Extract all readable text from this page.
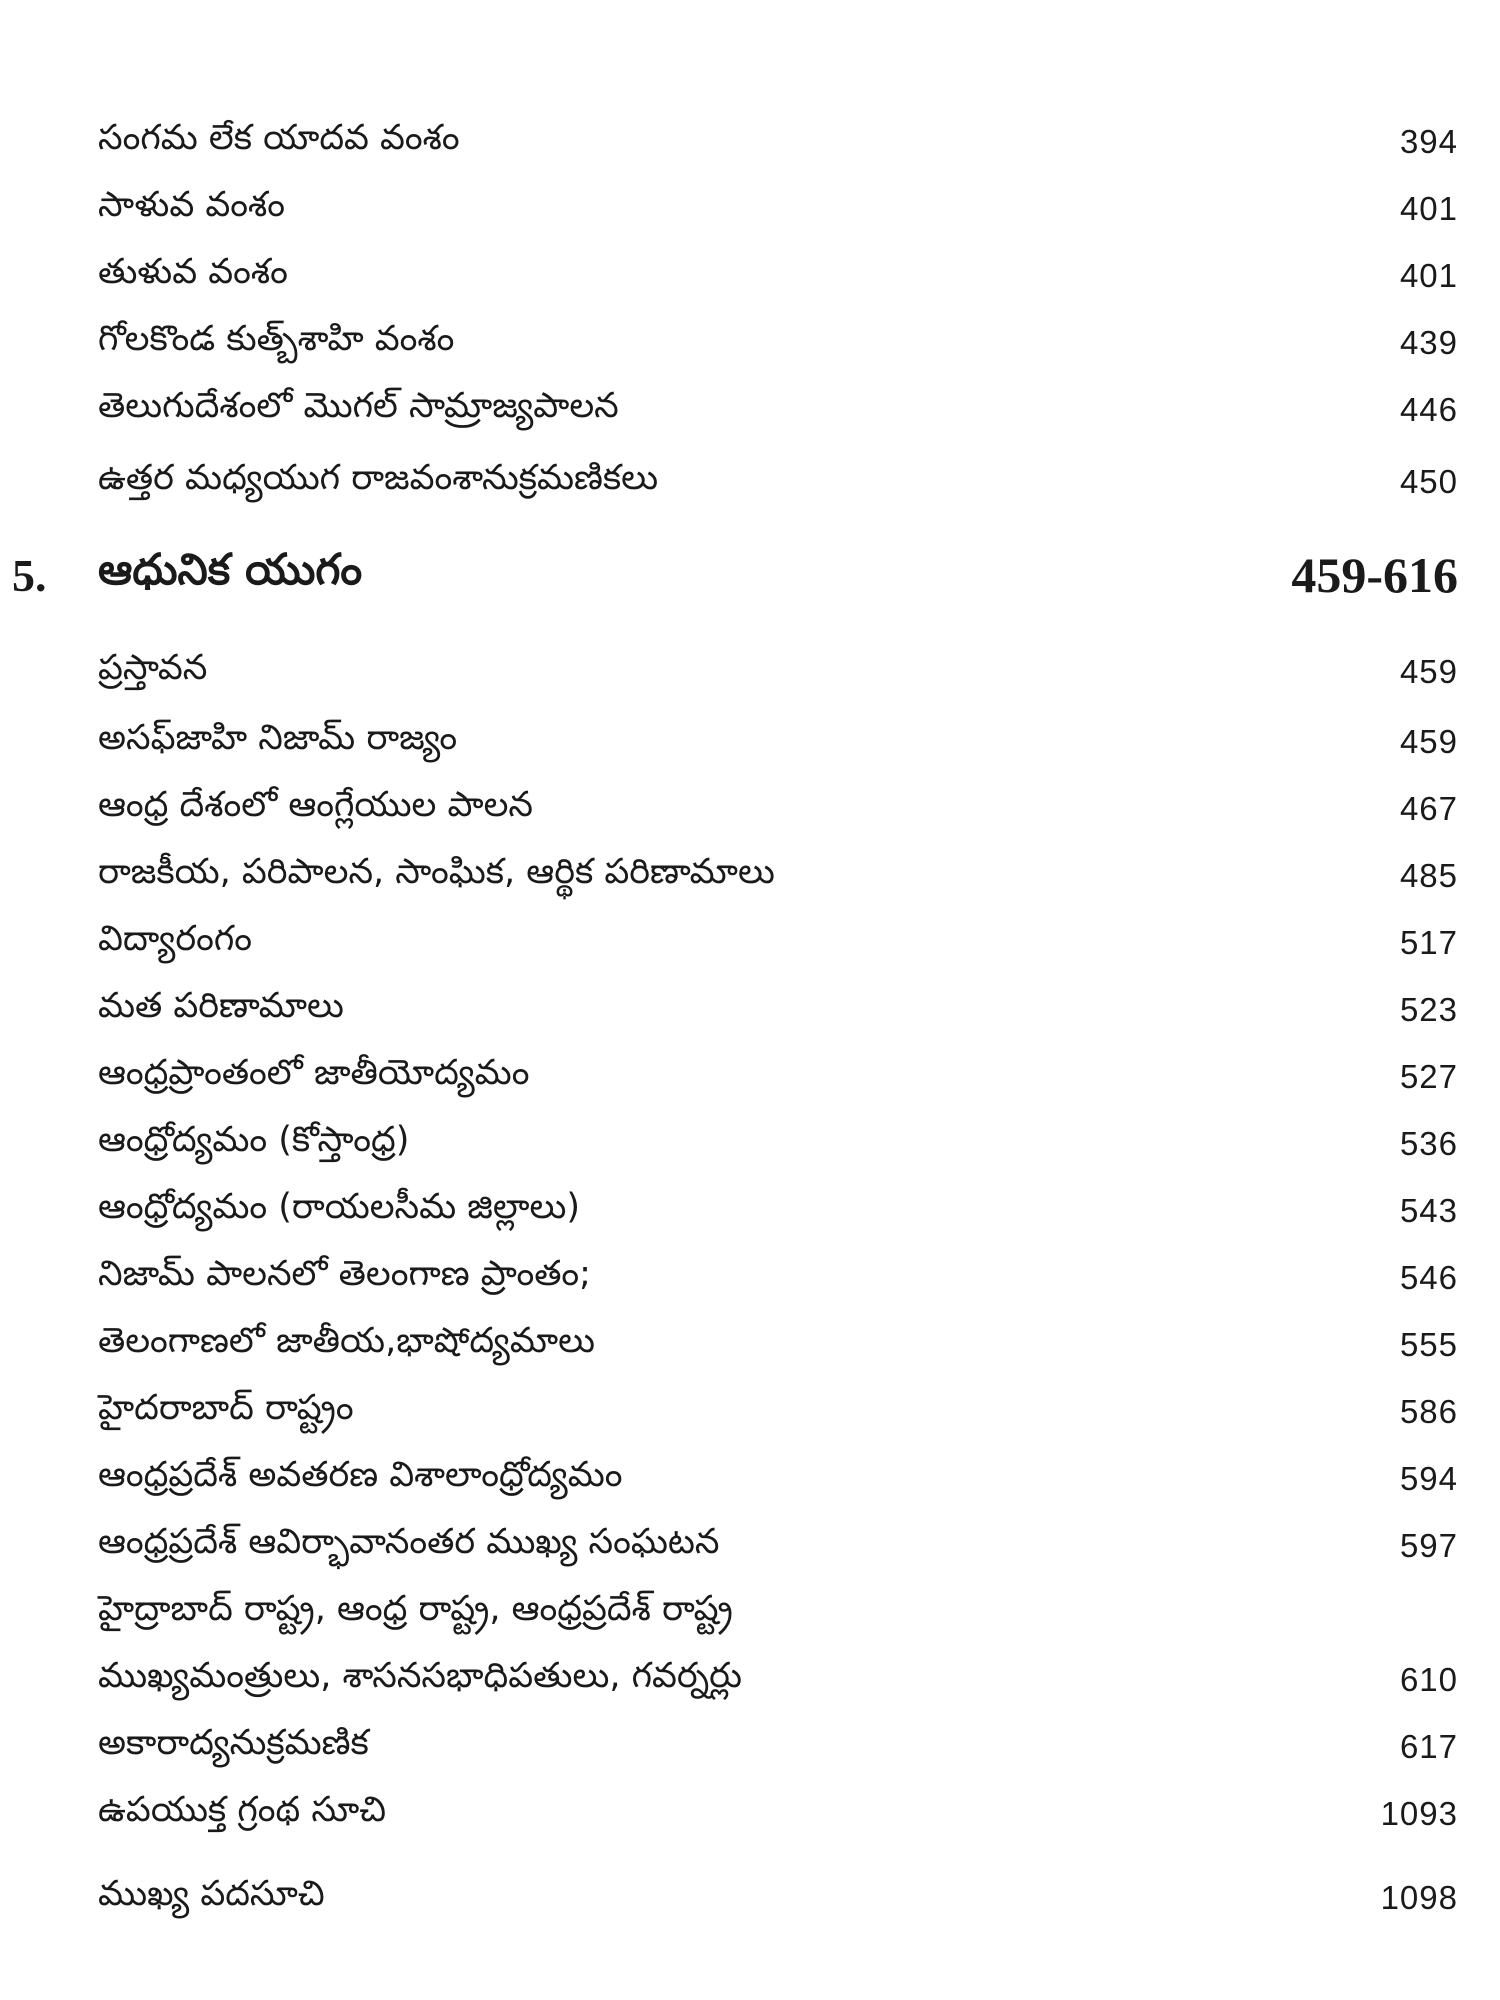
సంగమ లేక యాదవ వంశం	394
సాళువ వంశం	401
తుళువ వంశం	401
గోలకొండ కుత్బ్‌శాహి వంశం	439
తెలుగుదేశంలో మొగల్ సామ్రాజ్యపాలన	446
ఉత్తర మధ్యయుగ రాజవంశానుక్రమణికలు	450
5.	ఆధునిక యుగం	459-616
ప్రస్తావన	459
అసఫ్‌జాహి నిజామ్ రాజ్యం	459
ఆంధ్ర దేశంలో ఆంగ్లేయుల పాలన	467
రాజకీయ, పరిపాలన, సాంఘిక, ఆర్థిక పరిణామాలు	485
విద్యారంగం	517
మత పరిణామాలు	523
ఆంధ్రప్రాంతంలో జాతీయోద్యమం	527
ఆంధ్రోద్యమం (కోస్తాంధ్ర)	536
ఆంధ్రోద్యమం (రాయలసీమ జిల్లాలు)	543
నిజామ్ పాలనలో తెలంగాణ ప్రాంతం;	546
తెలంగాణలో జాతీయ,భాషోద్యమాలు	555
హైదరాబాద్ రాష్ట్రం	586
ఆంధ్రప్రదేశ్ అవతరణ విశాలాంధ్రోద్యమం	594
ఆంధ్రప్రదేశ్ ఆవిర్భావానంతర ముఖ్య సంఘటన	597
హైద్రాబాద్ రాష్ట్ర, ఆంధ్ర రాష్ట్ర, ఆంధ్రప్రదేశ్ రాష్ట్ర
ముఖ్యమంత్రులు, శాసనసభాధిపతులు, గవర్నర్లు	610
అకారాద్యనుక్రమణిక	617
ఉపయుక్త గ్రంథ సూచి	1093
ముఖ్య పదసూచి	1098
